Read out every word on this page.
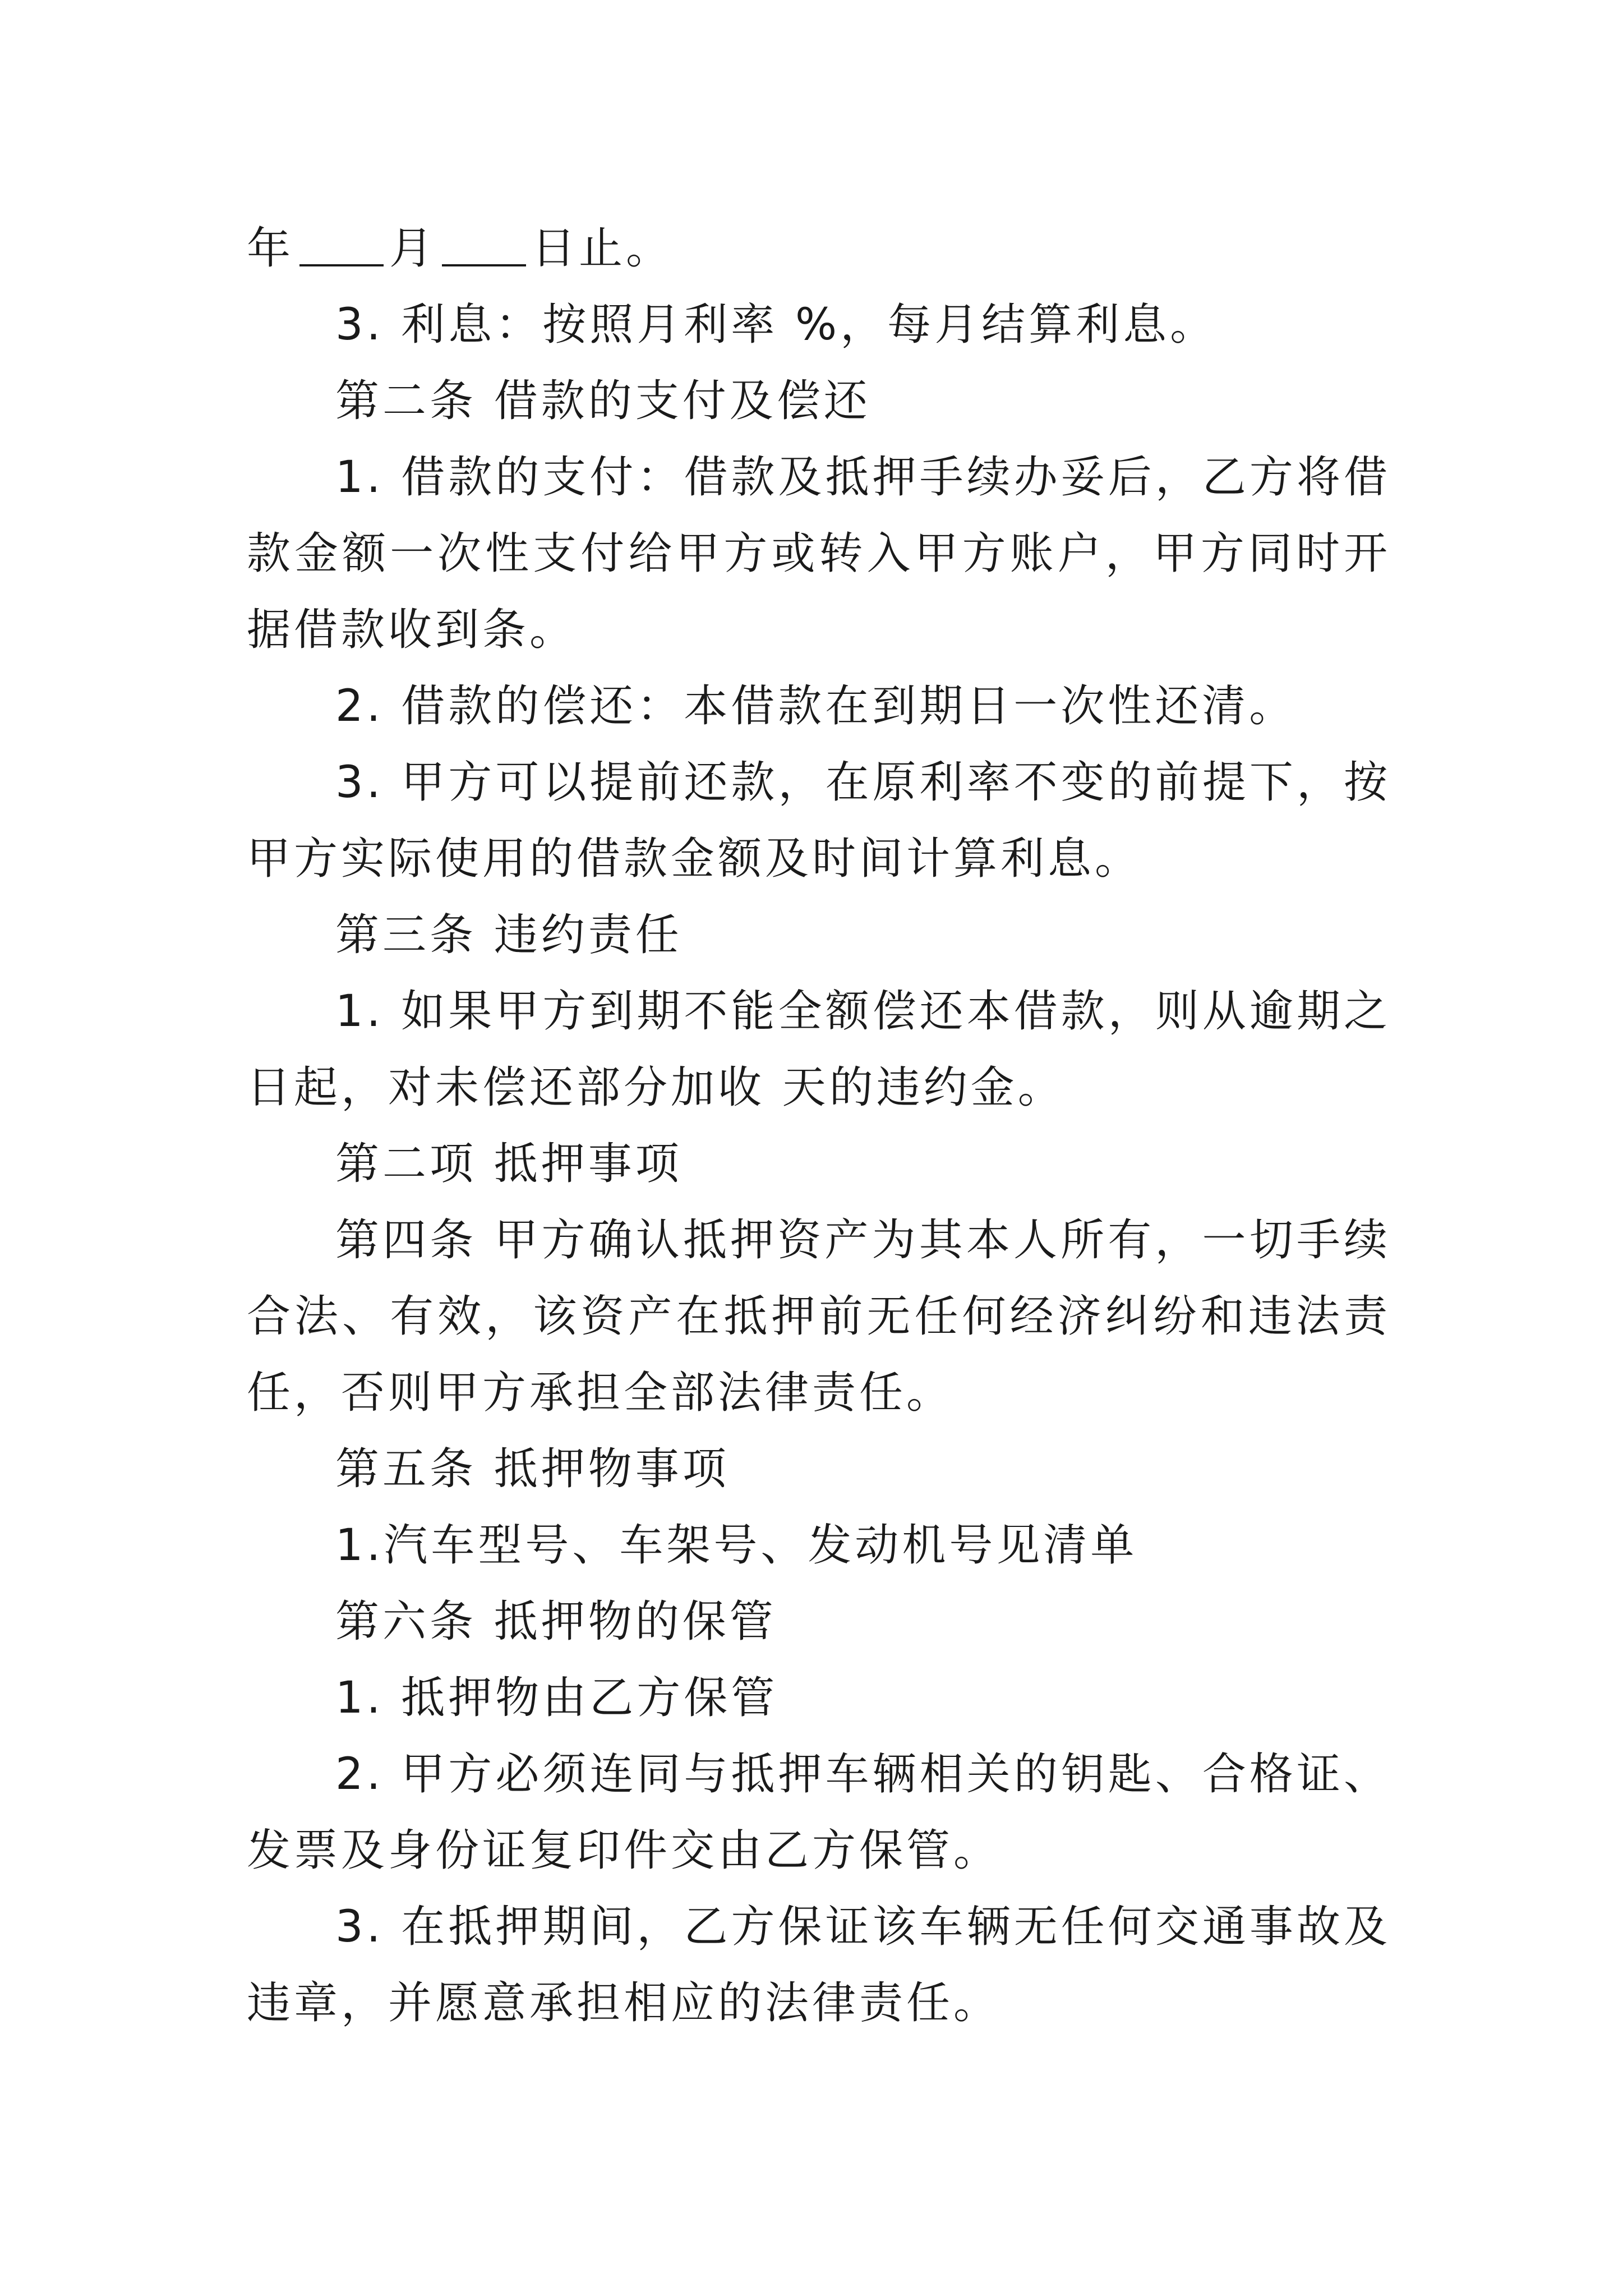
年 月 日止。

3. 利息：按照月利率 %，每月结算利息。

第二条 借款的支付及偿还

1. 借款的支付：借款及抵押手续办妥后，乙方将借款金额一次性支付给甲方或转入甲方账户，甲方同时开据借款收到条。

2. 借款的偿还：本借款在到期日一次性还清。

3. 甲方可以提前还款，在原利率不变的前提下，按甲方实际使用的借款金额及时间计算利息。

第三条 违约责任

1. 如果甲方到期不能全额偿还本借款，则从逾期之日起，对未偿还部分加收 天的违约金。

第二项 抵押事项

第四条 甲方确认抵押资产为其本人所有，一切手续合法、有效，该资产在抵押前无任何经济纠纷和违法责任，否则甲方承担全部法律责任。

第五条 抵押物事项

1.汽车型号、车架号、发动机号见清单

第六条 抵押物的保管

1. 抵押物由乙方保管

2. 甲方必须连同与抵押车辆相关的钥匙、合格证、发票及身份证复印件交由乙方保管。

3. 在抵押期间，乙方保证该车辆无任何交通事故及违章，并愿意承担相应的法律责任。
